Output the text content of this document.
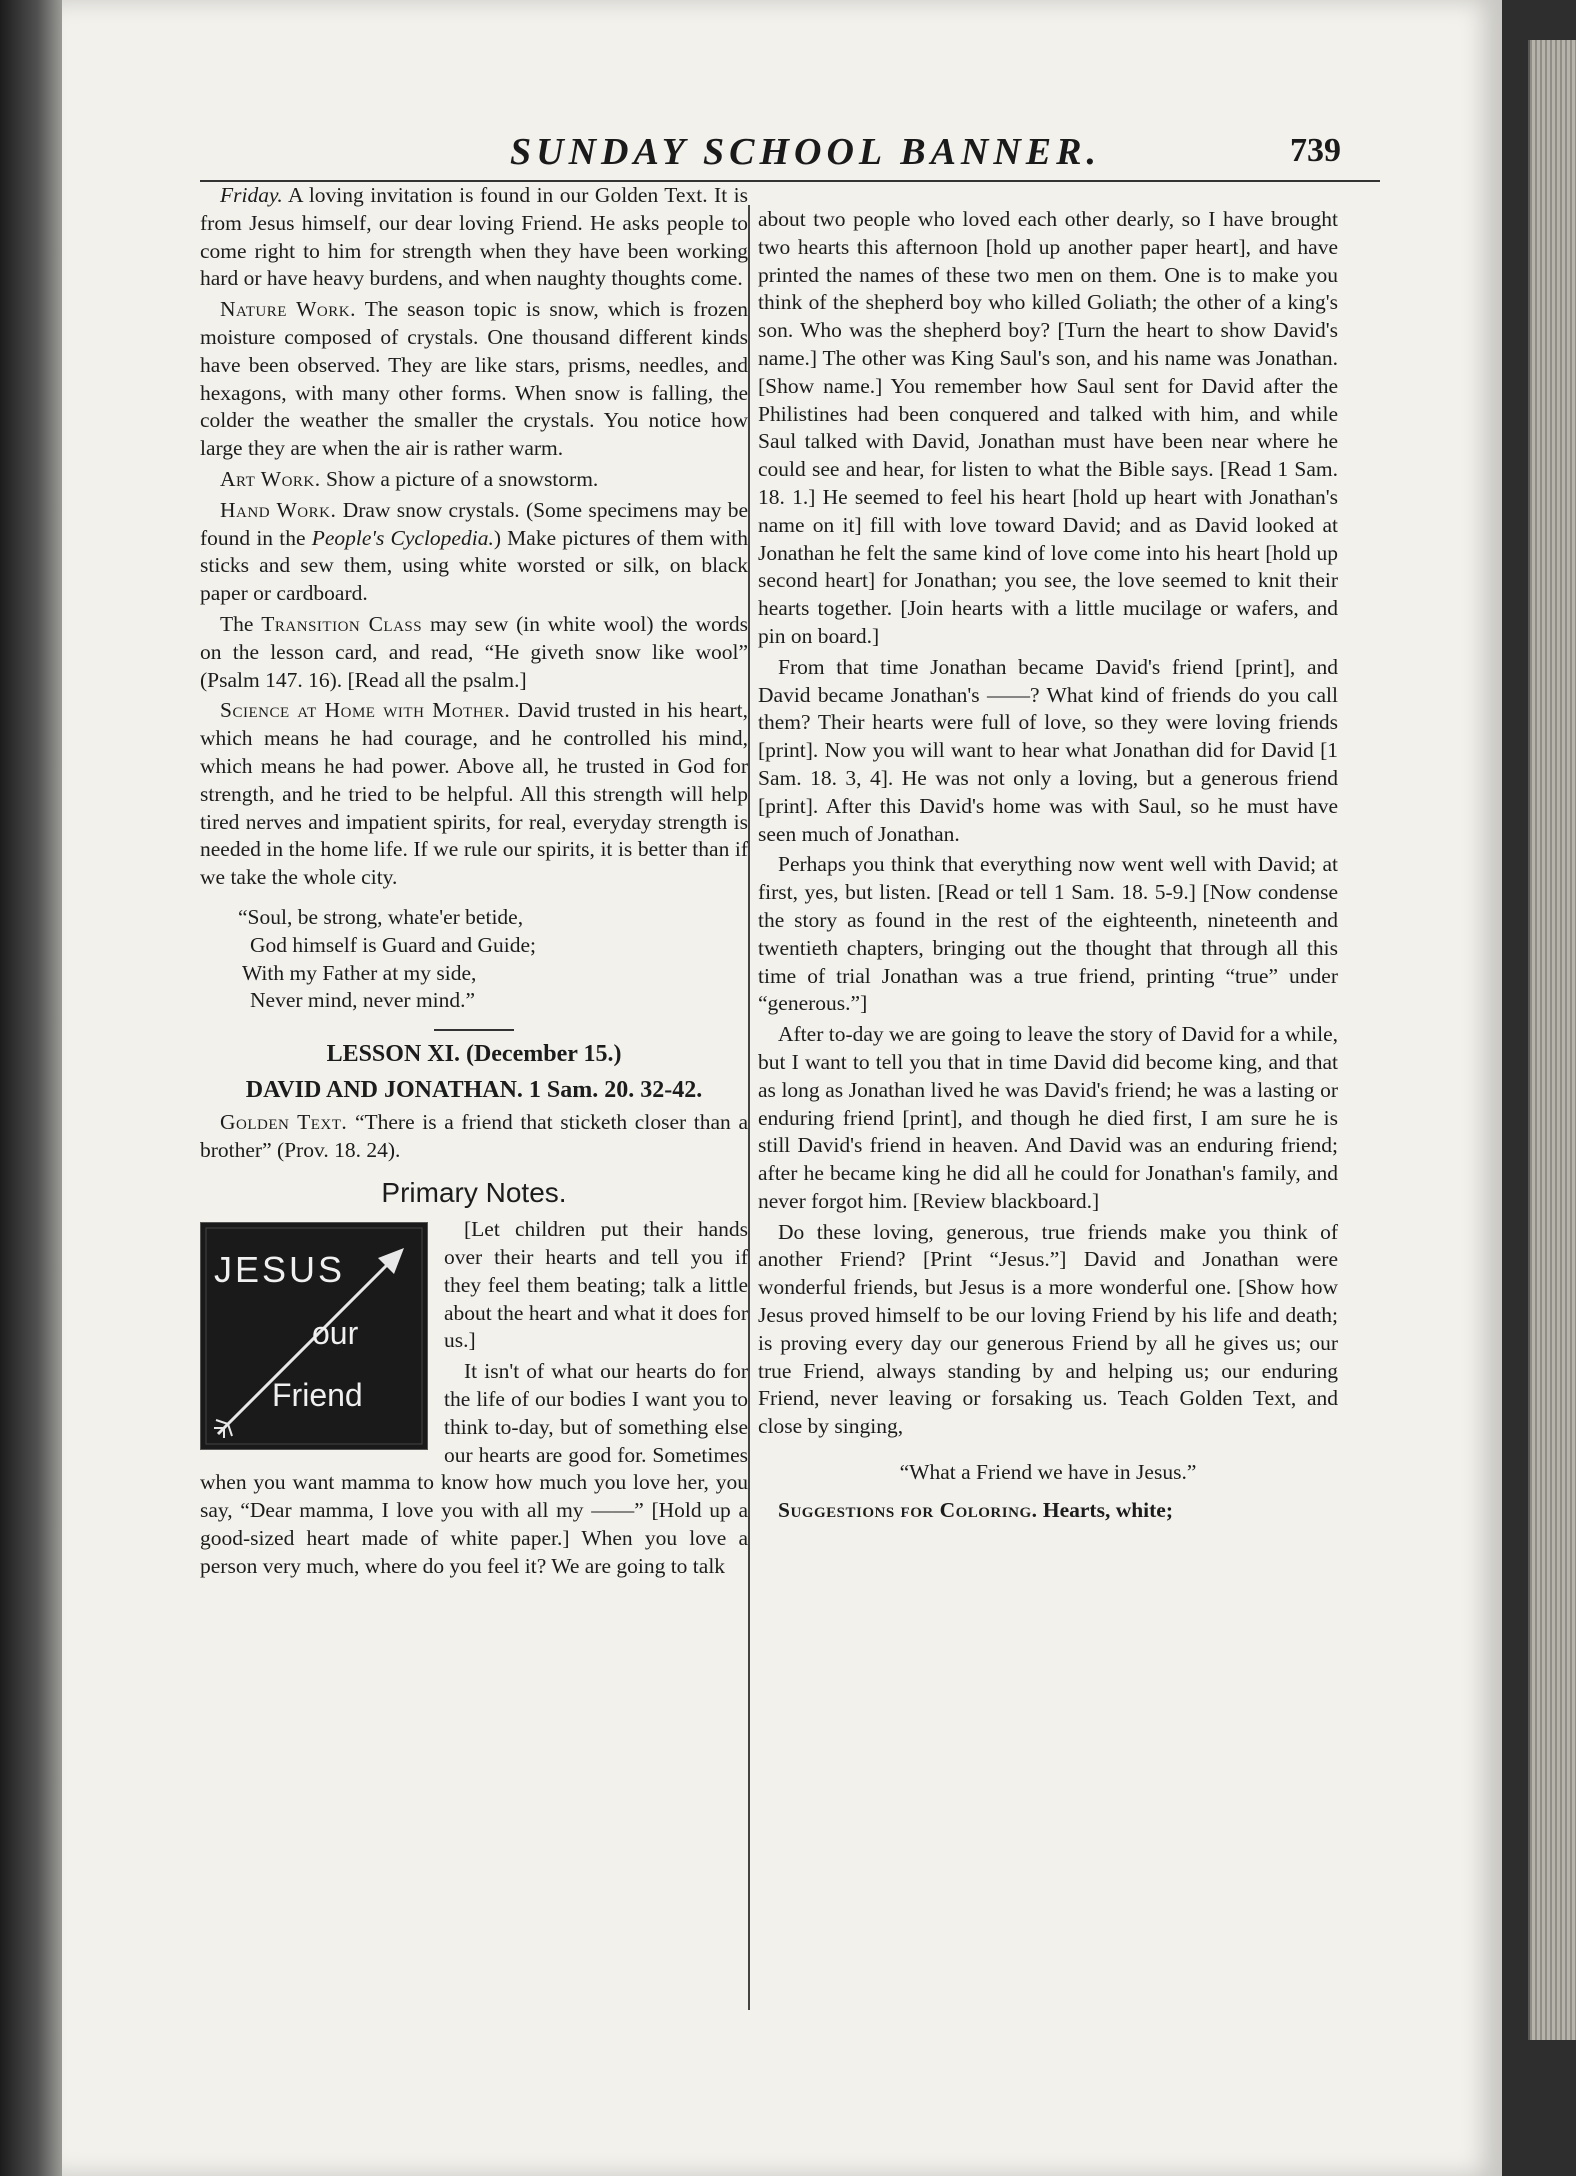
SUNDAY SCHOOL BANNER.	739

Friday. A loving invitation is found in our Golden Text. It is from Jesus himself, our dear loving Friend. He asks people to come right to him for strength when they have been working hard or have heavy burdens, and when naughty thoughts come.

Nature Work. The season topic is snow, which is frozen moisture composed of crystals. One thousand different kinds have been observed. They are like stars, prisms, needles, and hexagons, with many other forms. When snow is falling, the colder the weather the smaller the crystals. You notice how large they are when the air is rather warm.

Art Work. Show a picture of a snowstorm.

Hand Work. Draw snow crystals. (Some specimens may be found in the People's Cyclopedia.) Make pictures of them with sticks and sew them, using white worsted or silk, on black paper or cardboard.

The Transition Class may sew (in white wool) the words on the lesson card, and read, “He giveth snow like wool” (Psalm 147. 16). [Read all the psalm.]

Science at Home with Mother. David trusted in his heart, which means he had courage, and he controlled his mind, which means he had power. Above all, he trusted in God for strength, and he tried to be helpful. All this strength will help tired nerves and impatient spirits, for real, everyday strength is needed in the home life. If we rule our spirits, it is better than if we take the whole city.

“Soul, be strong, whate'er betide,
God himself is Guard and Guide;
With my Father at my side,
Never mind, never mind.”
LESSON XI. (December 15.)
DAVID AND JONATHAN. 1 Sam. 20. 32-42.

Golden Text. “There is a friend that sticketh closer than a brother” (Prov. 18. 24).

Primary Notes.
JESUS
our
Friend

[Let children put their hands over their hearts and tell you if they feel them beating; talk a little about the heart and what it does for us.]

It isn't of what our hearts do for the life of our bodies I want you to think to-day, but of something else our hearts are good for. Sometimes when you want mamma to know how much you love her, you say, “Dear mamma, I love you with all my ——” [Hold up a good-sized heart made of white paper.] When you love a person very much, where do you feel it? We are going to talk

about two people who loved each other dearly, so I have brought two hearts this afternoon [hold up another paper heart], and have printed the names of these two men on them. One is to make you think of the shepherd boy who killed Goliath; the other of a king's son. Who was the shepherd boy? [Turn the heart to show David's name.] The other was King Saul's son, and his name was Jonathan. [Show name.] You remember how Saul sent for David after the Philistines had been conquered and talked with him, and while Saul talked with David, Jonathan must have been near where he could see and hear, for listen to what the Bible says. [Read 1 Sam. 18. 1.] He seemed to feel his heart [hold up heart with Jonathan's name on it] fill with love toward David; and as David looked at Jonathan he felt the same kind of love come into his heart [hold up second heart] for Jonathan; you see, the love seemed to knit their hearts together. [Join hearts with a little mucilage or wafers, and pin on board.]

From that time Jonathan became David's friend [print], and David became Jonathan's ——? What kind of friends do you call them? Their hearts were full of love, so they were loving friends [print]. Now you will want to hear what Jonathan did for David [1 Sam. 18. 3, 4]. He was not only a loving, but a generous friend [print]. After this David's home was with Saul, so he must have seen much of Jonathan.

Perhaps you think that everything now went well with David; at first, yes, but listen. [Read or tell 1 Sam. 18. 5-9.] [Now condense the story as found in the rest of the eighteenth, nineteenth and twentieth chapters, bringing out the thought that through all this time of trial Jonathan was a true friend, printing “true” under “generous.”]

After to-day we are going to leave the story of David for a while, but I want to tell you that in time David did become king, and that as long as Jonathan lived he was David's friend; he was a lasting or enduring friend [print], and though he died first, I am sure he is still David's friend in heaven. And David was an enduring friend; after he became king he did all he could for Jonathan's family, and never forgot him. [Review blackboard.]

Do these loving, generous, true friends make you think of another Friend? [Print “Jesus.”] David and Jonathan were wonderful friends, but Jesus is a more wonderful one. [Show how Jesus proved himself to be our loving Friend by his life and death; is proving every day our generous Friend by all he gives us; our true Friend, always standing by and helping us; our enduring Friend, never leaving or forsaking us. Teach Golden Text, and close by singing,

“What a Friend we have in Jesus.”

Suggestions for Coloring. Hearts, white;
